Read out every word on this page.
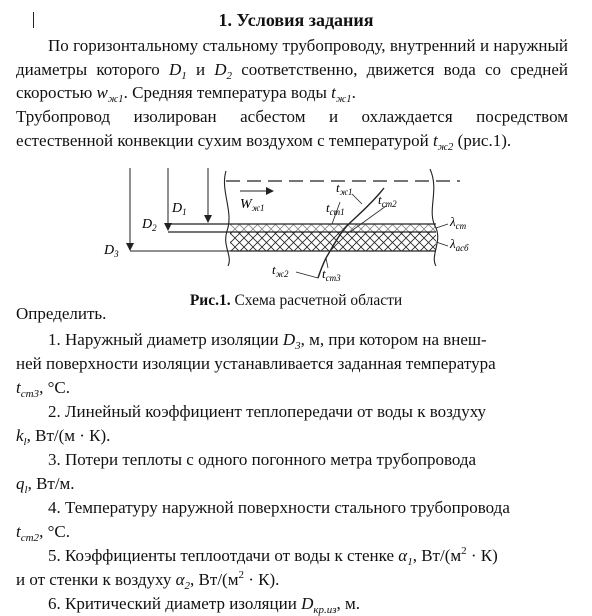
1. Условия задания

По горизонтальному стальному трубопроводу, внутренний и наружный диаметры которого $D_1$ и $D_2$ соответственно, движется вода со средней скоростью $w_{ж1}$. Средняя температура воды $t_{ж1}$.

Трубопровод изолирован асбестом и охлаждается посредством естественной конвекции сухим воздухом с температурой $t_{ж2}$ (рис.1).

$D_1$
$D_2$
$D_3$
$W_{ж1}$
$t_{ж1}$
$t_{ст1}$
$t_{ст2}$
$\lambda_{ст}$
$\lambda_{асб}$
$t_{ж2}$	$t_{ст3}$
Рис.1. Схема расчетной области
Определить.
1. Наружный диаметр изоляции $D_3$, м, при котором на внеш-
ней поверхности изоляции устанавливается заданная температура
$t_{ст3}$, °C.
2. Линейный коэффициент теплопередачи от воды к воздуху
$k_l$, Вт/(м · К).
3. Потери теплоты с одного погонного метра трубопровода
$q_l$, Вт/м.
4. Температуру наружной поверхности стального трубопровода
$t_{ст2}$, °C.
5. Коэффициенты теплоотдачи от воды к стенке $\alpha_1$, $Вт/(м^2 \cdot К)$
и от стенки к воздуху $\alpha_2$, $Вт/(м^2 \cdot К)$.
6. Критический диаметр изоляции $D_{кр.из}$, м.
